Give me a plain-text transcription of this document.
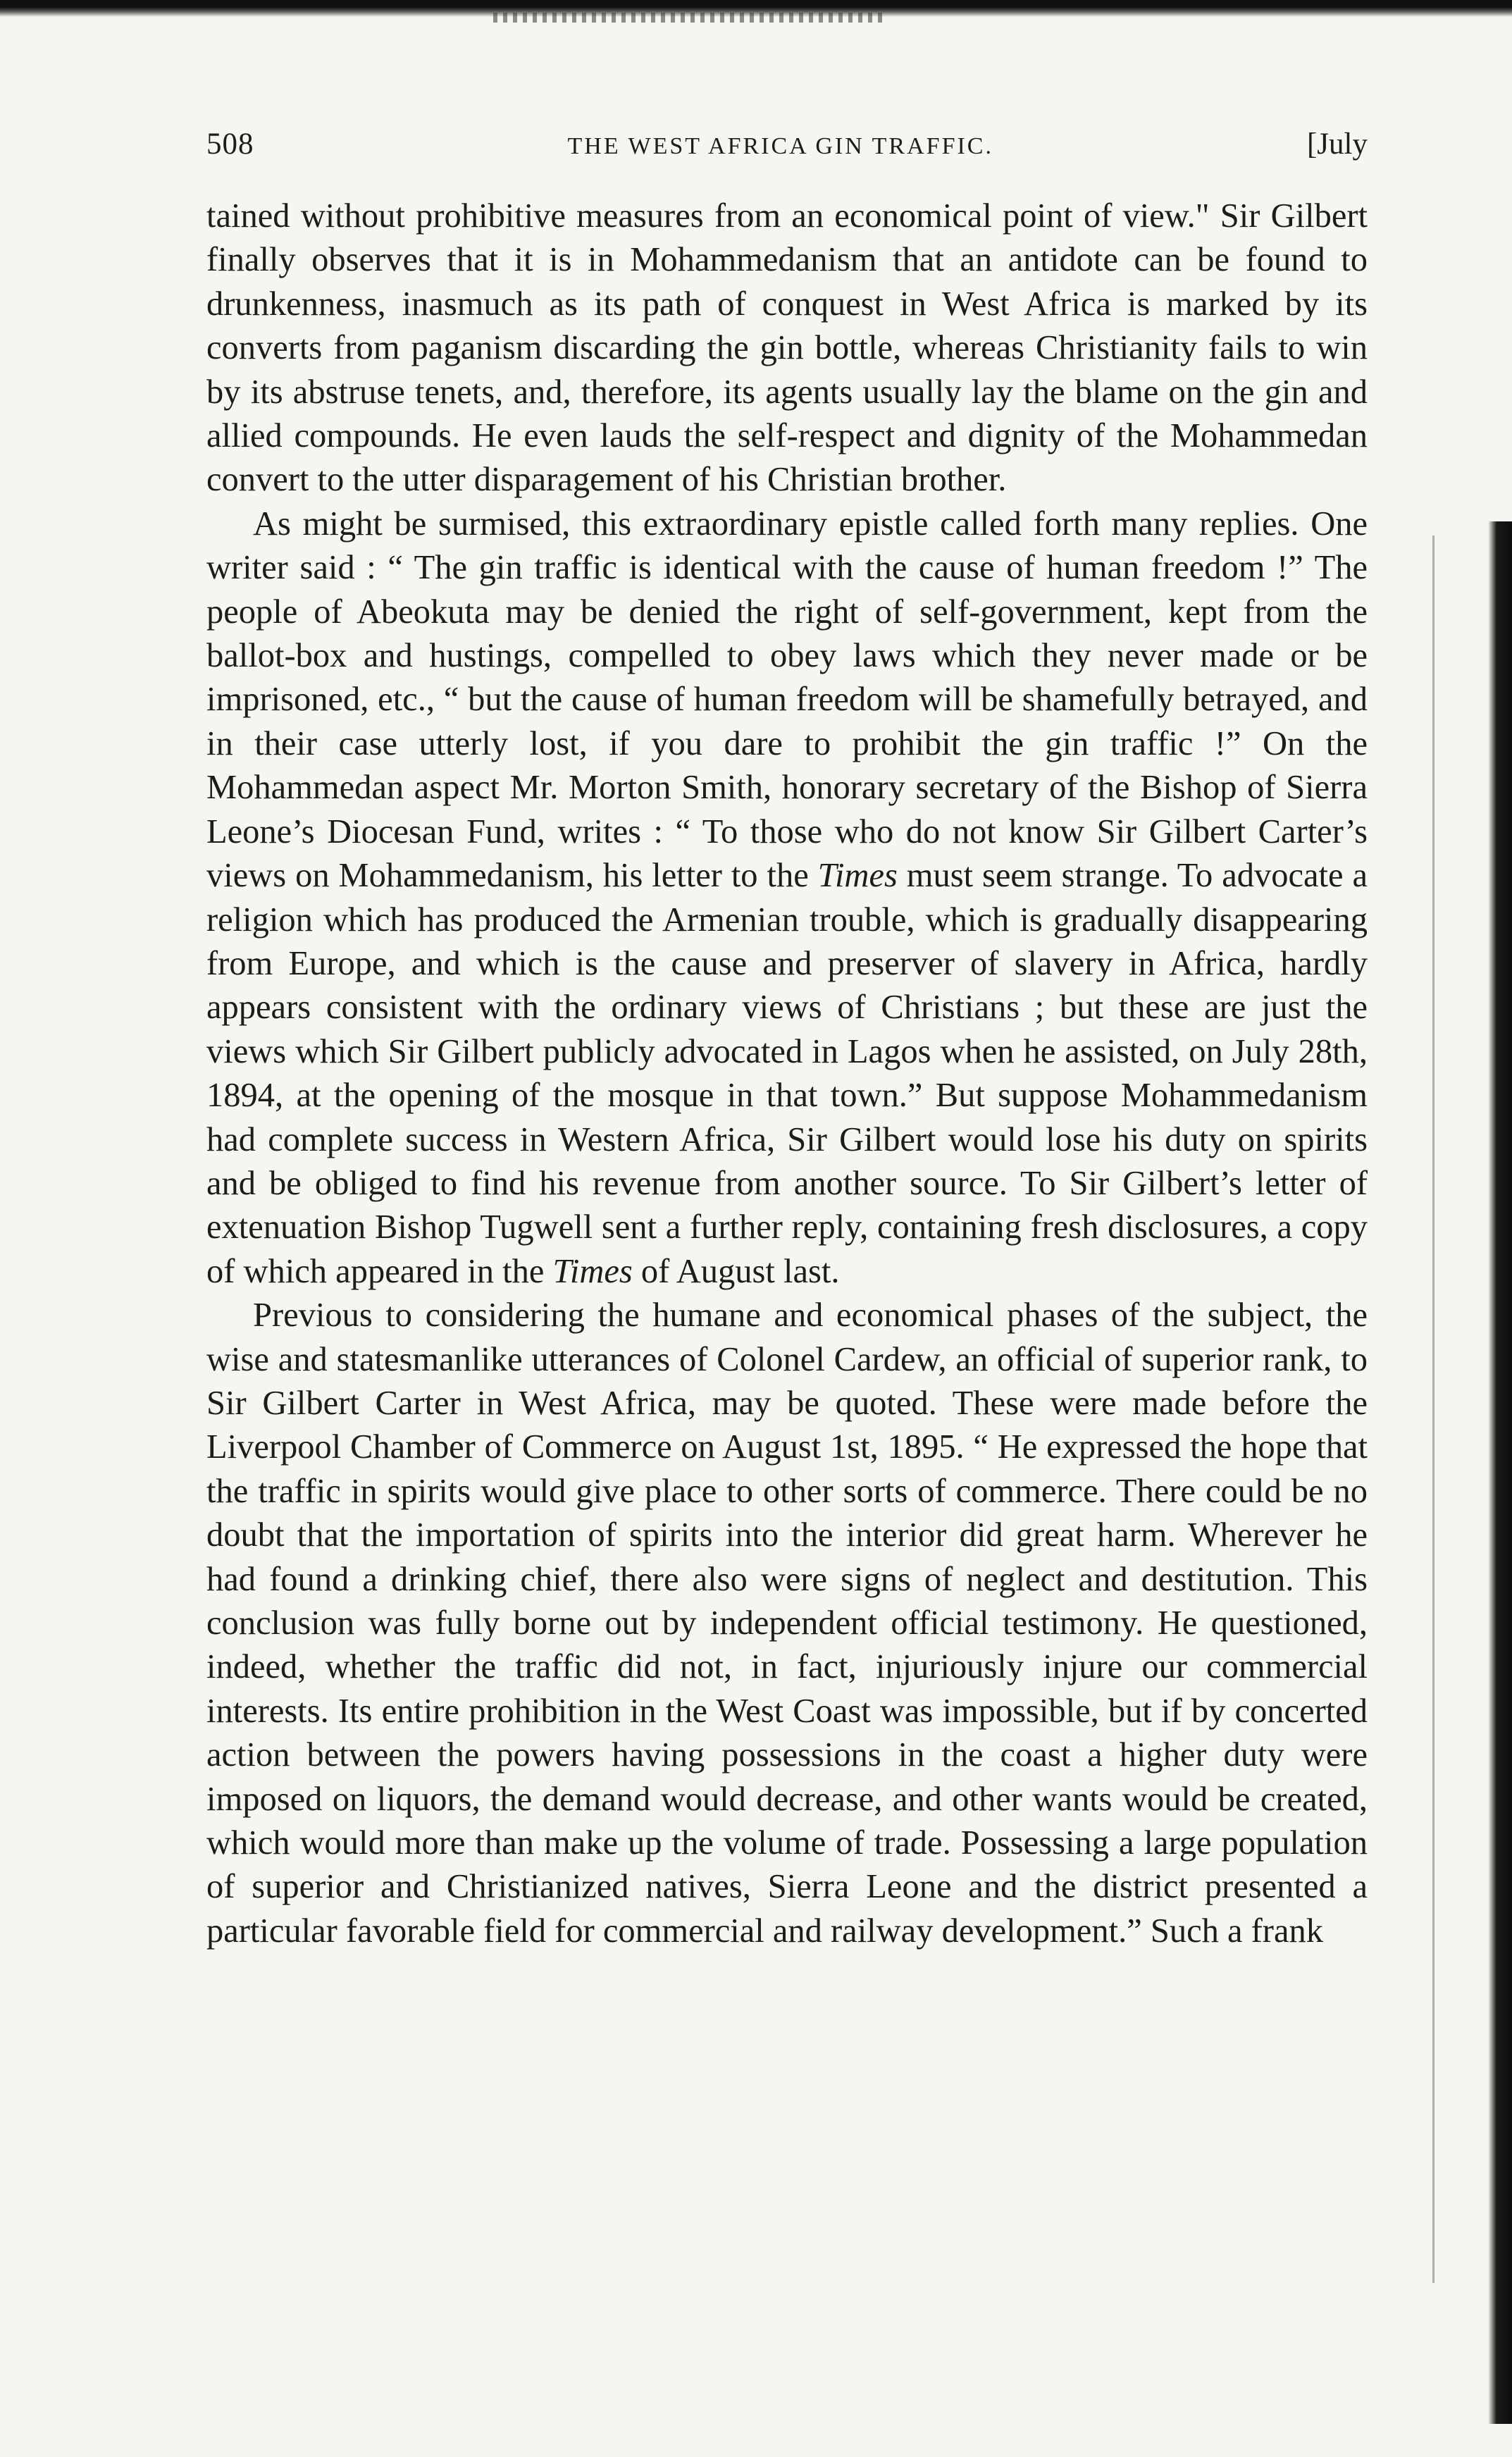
508	THE WEST AFRICA GIN TRAFFIC.	[July

tained without prohibitive measures from an economical point of view." Sir Gilbert finally observes that it is in Mohammedanism that an antidote can be found to drunkenness, inasmuch as its path of conquest in West Africa is marked by its converts from paganism discarding the gin bottle, whereas Christianity fails to win by its abstruse tenets, and, therefore, its agents usually lay the blame on the gin and allied compounds. He even lauds the self-respect and dignity of the Mohammedan convert to the utter disparagement of his Christian brother.

As might be surmised, this extraordinary epistle called forth many replies. One writer said : “ The gin traffic is identical with the cause of human freedom !” The people of Abeokuta may be denied the right of self-government, kept from the ballot-box and hustings, compelled to obey laws which they never made or be imprisoned, etc., “ but the cause of human freedom will be shamefully betrayed, and in their case utterly lost, if you dare to prohibit the gin traffic !” On the Mohammedan aspect Mr. Morton Smith, honorary secretary of the Bishop of Sierra Leone’s Diocesan Fund, writes : “ To those who do not know Sir Gilbert Carter’s views on Mohammedanism, his letter to the Times must seem strange. To advocate a religion which has produced the Armenian trouble, which is gradually disappearing from Europe, and which is the cause and preserver of slavery in Africa, hardly appears consistent with the ordinary views of Christians ; but these are just the views which Sir Gilbert publicly advocated in Lagos when he assisted, on July 28th, 1894, at the opening of the mosque in that town.” But suppose Mohammedanism had complete success in Western Africa, Sir Gilbert would lose his duty on spirits and be obliged to find his revenue from another source. To Sir Gilbert’s letter of extenuation Bishop Tugwell sent a further reply, containing fresh disclosures, a copy of which appeared in the Times of August last.

Previous to considering the humane and economical phases of the subject, the wise and statesmanlike utterances of Colonel Cardew, an official of superior rank, to Sir Gilbert Carter in West Africa, may be quoted. These were made before the Liverpool Chamber of Commerce on August 1st, 1895. “ He expressed the hope that the traffic in spirits would give place to other sorts of commerce. There could be no doubt that the importation of spirits into the interior did great harm. Wherever he had found a drinking chief, there also were signs of neglect and destitution. This conclusion was fully borne out by independent official testimony. He questioned, indeed, whether the traffic did not, in fact, injuriously injure our commercial interests. Its entire prohibition in the West Coast was impossible, but if by concerted action between the powers having possessions in the coast a higher duty were imposed on liquors, the demand would decrease, and other wants would be created, which would more than make up the volume of trade. Possessing a large population of superior and Christianized natives, Sierra Leone and the district presented a particular favorable field for commercial and railway development.” Such a frank
